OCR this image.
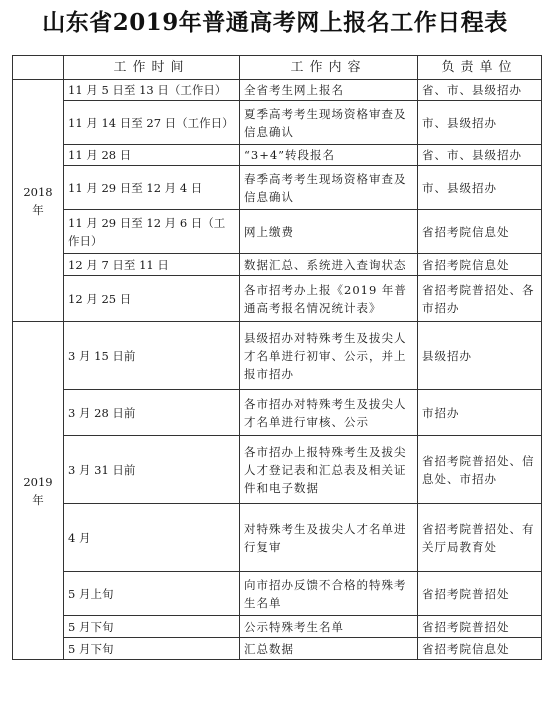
山东省2019年普通高考网上报名工作日程表
	工作时间	工作内容	负责单位
2018 年	11 月 5 日至 13 日（工作日）	全省考生网上报名	省、市、县级招办
	11 月 14 日至 27 日（工作日）	夏季高考考生现场资格审查及信息确认	市、县级招办
	11 月 28 日	“3+4”转段报名	省、市、县级招办
	11 月 29 日至 12 月 4 日	春季高考考生现场资格审查及信息确认	市、县级招办
	11 月 29 日至 12 月 6 日（工作日）	网上缴费	省招考院信息处
	12 月 7 日至 11 日	数据汇总、系统进入查询状态	省招考院信息处
	12 月 25 日	各市招考办上报《2019 年普通高考报名情况统计表》	省招考院普招处、各市招办
2019 年	3 月 15 日前	县级招办对特殊考生及拔尖人才名单进行初审、公示，并上报市招办	县级招办
	3 月 28 日前	各市招办对特殊考生及拔尖人才名单进行审核、公示	市招办
	3 月 31 日前	各市招办上报特殊考生及拔尖人才登记表和汇总表及相关证件和电子数据	省招考院普招处、信息处、市招办
	4 月	对特殊考生及拔尖人才名单进行复审	省招考院普招处、有关厅局教育处
	5 月上旬	向市招办反馈不合格的特殊考生名单	省招考院普招处
	5 月下旬	公示特殊考生名单	省招考院普招处
	5 月下旬	汇总数据	省招考院信息处
